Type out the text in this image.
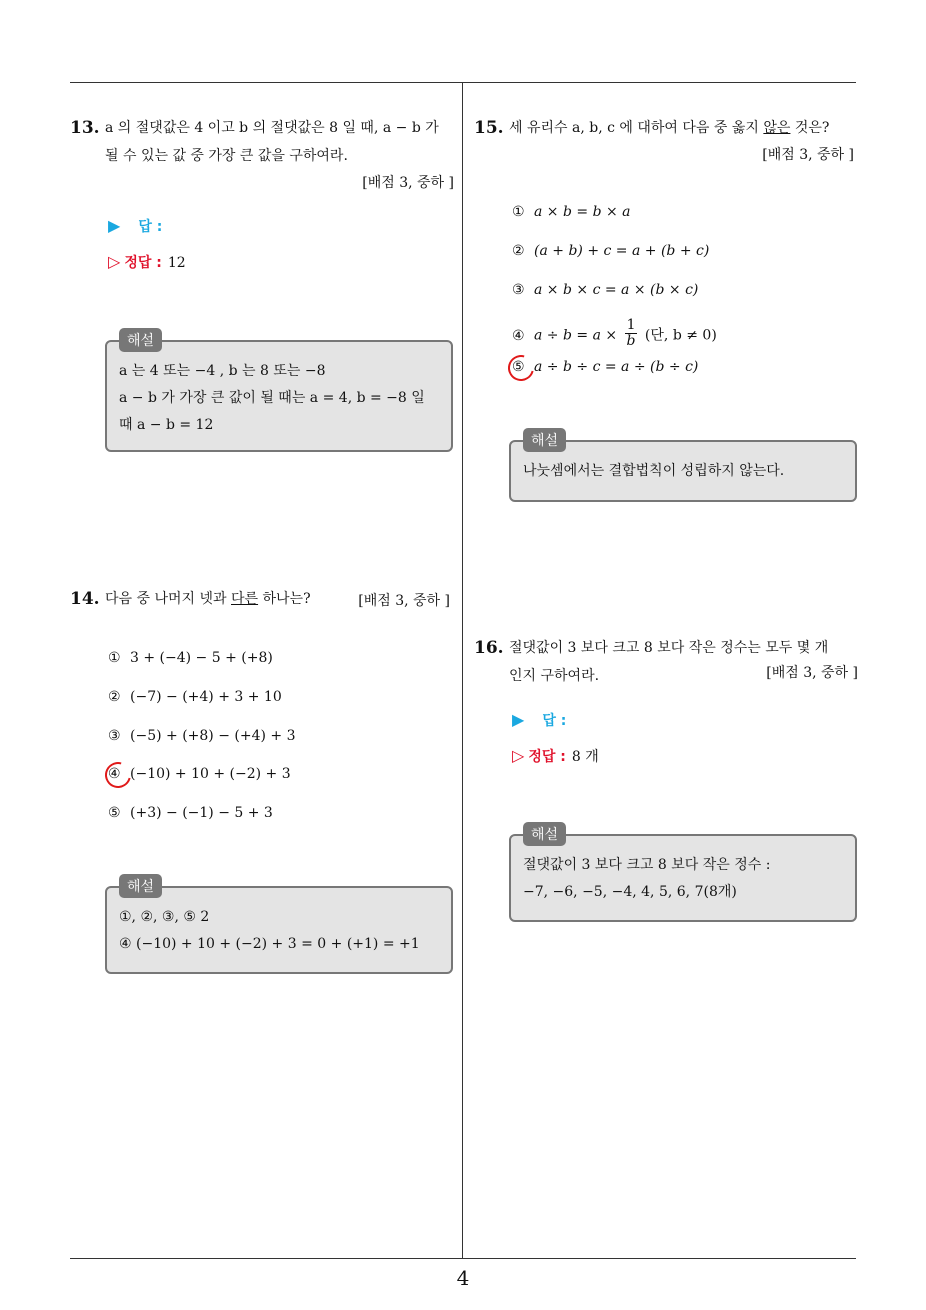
4
13. a 의 절댓값은 4 이고 b 의 절댓값은 8 일 때, a − b 가
될 수 있는 값 중 가장 큰 값을 구하여라.
[배점 3, 중하 ]
▶ 답 :
▷ 정답 : 12
해설
a 는 4 또는 −4 , b 는 8 또는 −8
a − b 가 가장 큰 값이 될 때는 a = 4, b = −8 일
때 a − b = 12
14. 다음 중 나머지 넷과 다른 하나는?	[배점 3, 중하 ]
① 3 + (−4) − 5 + (+8)
② (−7) − (+4) + 3 + 10
③ (−5) + (+8) − (+4) + 3
④ (−10) + 10 + (−2) + 3
⑤ (+3) − (−1) − 5 + 3
해설
①, ②, ③, ⑤ 2
④ (−10) + 10 + (−2) + 3 = 0 + (+1) = +1
15. 세 유리수 a, b, c 에 대하여 다음 중 옳지 않은 것은?
[배점 3, 중하 ]
① a × b = b × a
② (a + b) + c = a + (b + c)
③ a × b × c = a × (b × c)
④ $a \div b = a \times \frac{1}{b}$ (단, b ≠ 0)
⑤ a ÷ b ÷ c = a ÷ (b ÷ c)
해설
나눗셈에서는 결합법칙이 성립하지 않는다.
16. 절댓값이 3 보다 크고 8 보다 작은 정수는 모두 몇 개
인지 구하여라.	[배점 3, 중하 ]
▶ 답 :
▷ 정답 : 8 개
해설
절댓값이 3 보다 크고 8 보다 작은 정수 :
−7, −6, −5, −4, 4, 5, 6, 7(8개)
